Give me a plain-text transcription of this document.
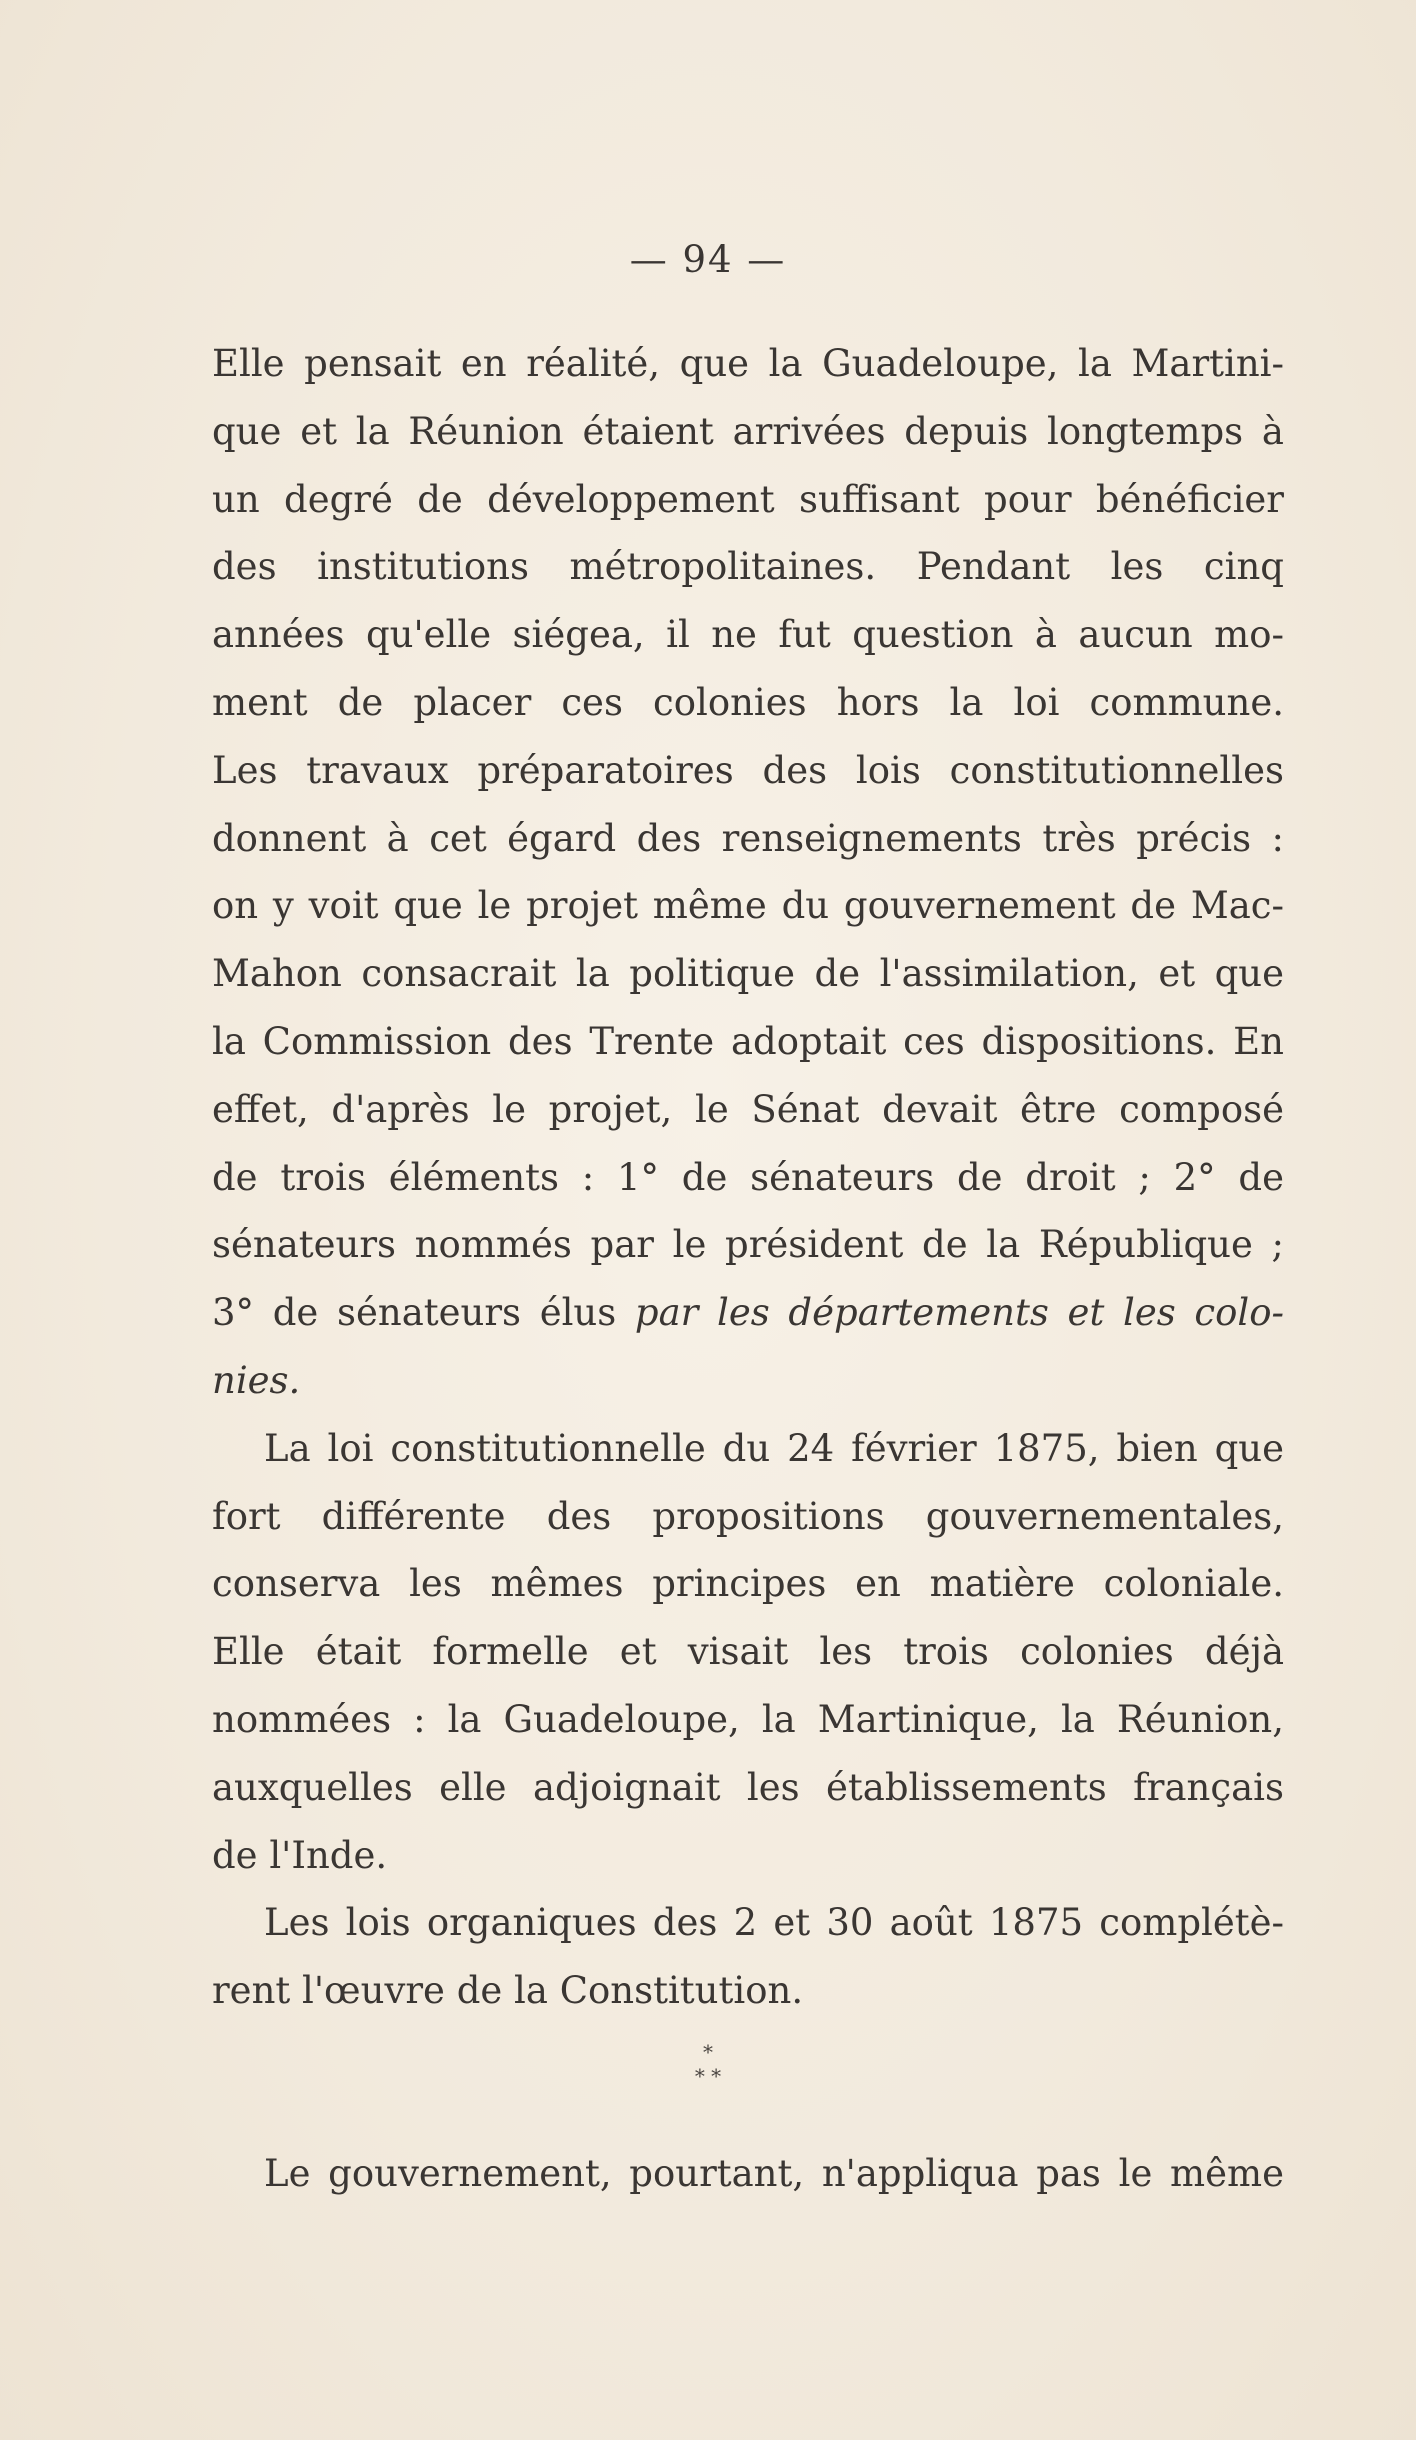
— 94 —
Elle pensait en réalité, que la Guadeloupe, la Martini-
que et la Réunion étaient arrivées depuis longtemps à
un degré de développement suffisant pour bénéficier
des institutions métropolitaines. Pendant les cinq
années qu'elle siégea, il ne fut question à aucun mo-
ment de placer ces colonies hors la loi commune.
Les travaux préparatoires des lois constitutionnelles
donnent à cet égard des renseignements très précis :
on y voit que le projet même du gouvernement de Mac-
Mahon consacrait la politique de l'assimilation, et que
la Commission des Trente adoptait ces dispositions. En
effet, d'après le projet, le Sénat devait être composé
de trois éléments : 1° de sénateurs de droit ; 2° de
sénateurs nommés par le président de la République ;
3° de sénateurs élus par les départements et les colo-
nies.
La loi constitutionnelle du 24 février 1875, bien que
fort différente des propositions gouvernementales,
conserva les mêmes principes en matière coloniale.
Elle était formelle et visait les trois colonies déjà
nommées : la Guadeloupe, la Martinique, la Réunion,
auxquelles elle adjoignait les établissements français
de l'Inde.
Les lois organiques des 2 et 30 août 1875 complétè-
rent l'œuvre de la Constitution.
*
* *
Le gouvernement, pourtant, n'appliqua pas le même
